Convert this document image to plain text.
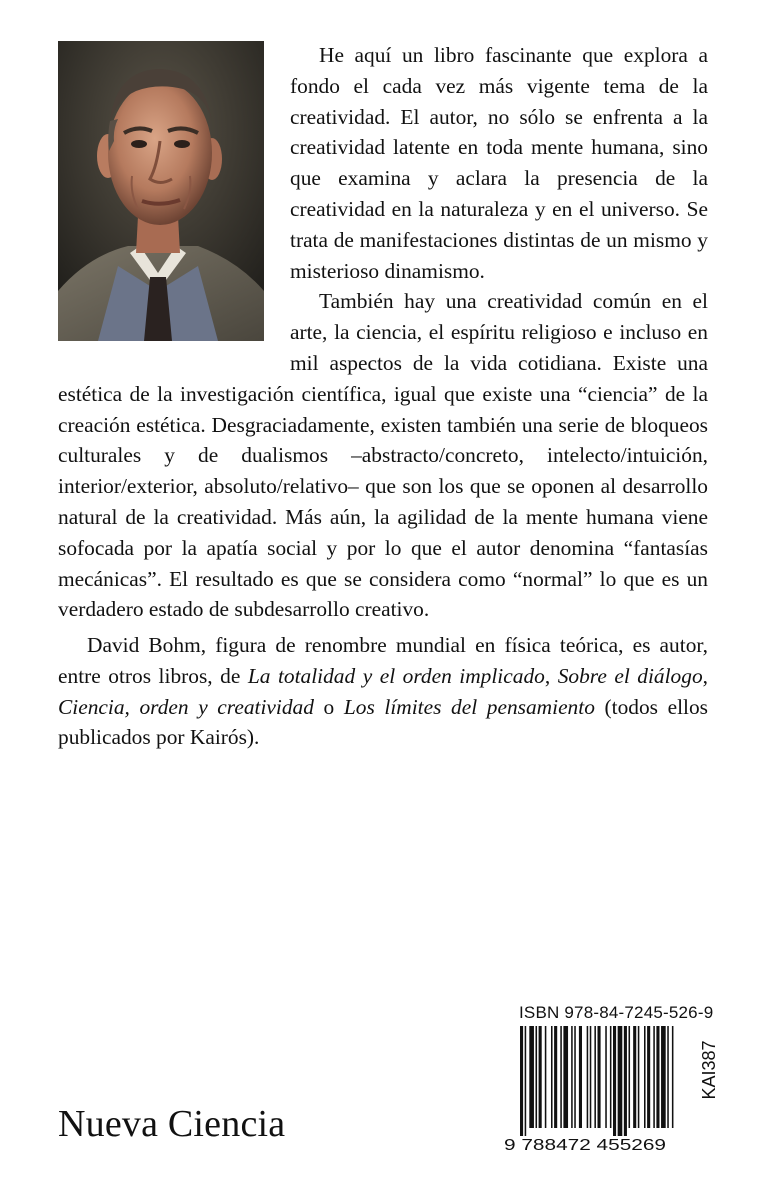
He aquí un libro fascinante que explora a fondo el cada vez más vigente tema de la creatividad. El autor, no sólo se enfrenta a la creatividad latente en toda mente humana, sino que examina y aclara la presencia de la creatividad en la naturaleza y en el universo. Se trata de manifestaciones distintas de un mismo y misterioso dinamismo.

También hay una creatividad común en el arte, la ciencia, el espíritu religioso e incluso en mil aspectos de la vida cotidiana. Existe una estética de la investigación científica, igual que existe una “ciencia” de la creación estética. Desgraciadamente, existen también una serie de bloqueos culturales y de dualismos –abstracto/concreto, intelecto/intuición, interior/exterior, absoluto/relativo– que son los que se oponen al desarrollo natural de la creatividad. Más aún, la agilidad de la mente humana viene sofocada por la apatía social y por lo que el autor denomina “fantasías mecánicas”. El resultado es que se considera como “normal” lo que es un verdadero estado de subdesarrollo creativo.

David Bohm, figura de renombre mundial en física teórica, es autor, entre otros libros, de La totalidad y el orden implicado, Sobre el diálogo, Ciencia, orden y creatividad o Los límites del pensamiento (todos ellos publicados por Kairós).

Nueva Ciencia
ISBN 978-84-7245-526-9
9 788472 455269
KAI387
